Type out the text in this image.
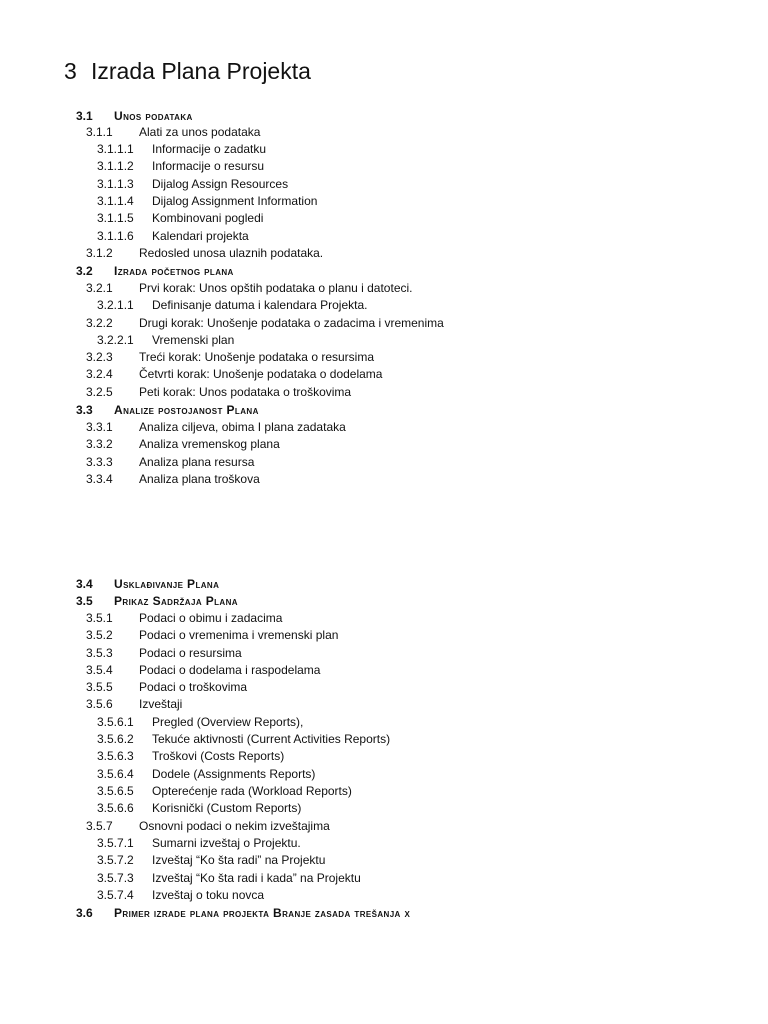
3 Izrada Plana Projekta
3.1 Unos podataka
3.1.1 Alati za unos podataka
3.1.1.1 Informacije o zadatku
3.1.1.2 Informacije o resursu
3.1.1.3 Dijalog Assign Resources
3.1.1.4 Dijalog Assignment Information
3.1.1.5 Kombinovani pogledi
3.1.1.6 Kalendari projekta
3.1.2 Redosled unosa ulaznih podataka.
3.2 Izrada početnog plana
3.2.1 Prvi korak: Unos opštih podataka o planu i datoteci.
3.2.1.1 Definisanje datuma i kalendara Projekta.
3.2.2 Drugi korak: Unošenje podataka o zadacima i vremenima
3.2.2.1 Vremenski plan
3.2.3 Treći korak: Unošenje podataka o resursima
3.2.4 Četvrti korak: Unošenje podataka o dodelama
3.2.5 Peti korak: Unos podataka o troškovima
3.3 Analize postojanost Plana
3.3.1 Analiza ciljeva, obima I plana zadataka
3.3.2 Analiza vremenskog plana
3.3.3 Analiza plana resursa
3.3.4 Analiza plana troškova
3.4 Usklađivanje Plana
3.5 Prikaz Sadržaja Plana
3.5.1 Podaci o obimu i zadacima
3.5.2 Podaci o vremenima i vremenski plan
3.5.3 Podaci o resursima
3.5.4 Podaci o dodelama i raspodelama
3.5.5 Podaci o troškovima
3.5.6 Izveštaji
3.5.6.1 Pregled (Overview Reports),
3.5.6.2 Tekuće aktivnosti (Current Activities Reports)
3.5.6.3 Troškovi (Costs Reports)
3.5.6.4 Dodele (Assignments Reports)
3.5.6.5 Opterećenje rada (Workload Reports)
3.5.6.6 Korisnički (Custom Reports)
3.5.7 Osnovni podaci o nekim izveštajima
3.5.7.1 Sumarni izveštaj o Projektu.
3.5.7.2 Izveštaj “Ko šta radi” na Projektu
3.5.7.3 Izveštaj “Ko šta radi i kada” na Projektu
3.5.7.4 Izveštaj o toku novca
3.6 Primer izrade plana projekta Branje zasada trešanja x
